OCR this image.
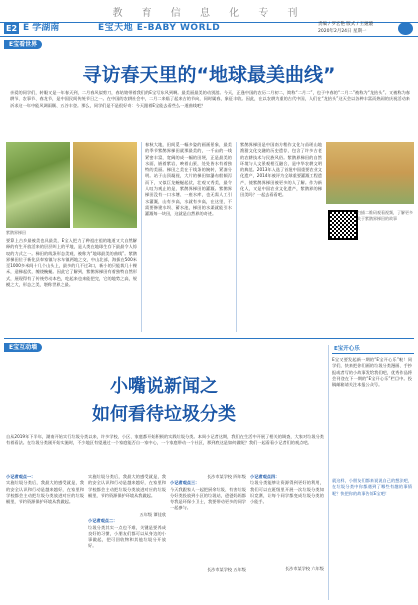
教 育 信 息 化 专 刊
E2 E 学湖南	E宝天地 E-BABY WORLD	责编 / 罗宏艳 版式 / 王娅璇
2020年2月24日 星期一
E宝看世界
寻访春天里的“地球最美曲线”
亲爱的同学们，转眼又是一年春天到，二月春风似剪刀，春姑娘带着我们的E宝写东风到啊。最美丽最美的动别游。今天，正逢中国的农历二月初二，简称“二月二”，也于中春的“二月二”被称为“龙抬头”。又被称为春耕节、农事节、春龙节，是中国民间传统节日之一。在中国的农耕社会中，二月二来临了起来古的节向，同时属春，象征丰收。因此，在以农耕为重的古代中国，人们在“龙抬头”这天会以各种丰富而热闹的庆祝活动来祈求这一年中能风调雨顺、五谷丰登。那么，同学们是不是很好奇：今天跟着E宝能去看些么一道曲线吧？
紫鹊界梯田
要算上古乡最被美也具最美，E宝入把力了种祖庄祖的地道又大自然解释的有生开放活来的层层叫上的平地，是人类在地球生存下最最令人惊叹的力式之一。梯田的线条形态美观，被称为“地球最美的曲线”。紫鹊界梯田位于新化县奉家镇与水车镇两地之交，中山北部，海拔在500米至1000多米间十几个山头上，最多的几不过3口，新小的只能裁几十棵禾，造梯起伏，缠绕蜿蜒。因此它了解到，紫鹊界梯田有着独特自然形式，展现得有了传统劳动本色，吃起来也来能把完，它的地势之高，规模之大，形态之美，堪称世界之最。
春秋大地，田间觅一幅多姿的画画景象，最美的季节紫鹊界梯田就那最美的，一千亩的一线紧密丰富，宽阔的成一幅的田埂，正是最美的水面，嵌着紫岩，映着山景，处处皆水有着独特的美丽。梯田之美在于线条的婉转，紧凑分明。站于山顶凝视，大片的梯田如瀑布般倾泻而下，又似巨龙蜿蜒起伏，壮观又秀美，最令人叹为观止的是，紫鹊界梯田的灌溉。紫鹊界梯田没有一口水塘、一座水库，也无需人工引水灌溉，山有多高，水就有多高，在这里，不需要修建水坝、蓄水池，梯田的水渠就能引水灌溉每一块田，这就是自然界的奇迹。
紫鹊界梯田是中国南方稻作文化与苗瑶山地渔猎文化交融的历史遗存，包含了许多古老的农耕技术与民族风俗。紫鹊界梯田的自然环境与人文景观相互融合，是中华农耕文明的典范。2013年入选了首批中国重要农业文化遗产，2014年被评为全球重要灌溉工程遗产，使紫鹊界梯田被更多的人了解。作为新化人，又是中国农业文化遗产，紫鹊界的梯田美吗？一起去看看吧。
扫描二维码观看视频，了解更多关于紫鹊界梯田的故事
E宝互动墙
小嘴说新闻之
如何看待垃圾分类
自从2019年下半年，湖南开始实行垃圾分类以来，许多学校、小区、家庭都开始积极的实践垃圾分类。本周小记者这期，我们在生活中开展了相关的调查，大家对垃圾分类有着看法。在垃圾分类刚开始实施时，不少地区有望通过一个家庭能否自一家中心，一个家庭带动一个社区，那到底这是如何做呢？我们一起看看小记者们的观点吧。
小记者观点一：
实施垃圾分类后，我最大的感受就是，我的安全认识和行动是越来越好，在家里和学校都会主动把垃圾分类放进对应的垃圾桶里，节约资源保护环境从我做起。
实施垃圾分类后，我最大的感受就是，我的安全认识和行动是越来越好，在家里和学校都会主动把垃圾分类放进对应的垃圾桶里，节约资源保护环境从我做起。
五年级 谭佳欣
小记者观点二：
垃圾分类其实一点也不难，关键是要养成良好的习惯，小朋友们都可以从身边的小事做起，把可回收物和其他垃圾分开放好。
长沙市某学校 四年级
小记者观点三：
今天我跟家人一起把厨余垃圾、有害垃圾分好类投放到小区的垃圾站，爸爸妈妈都夸我是环保小卫士，我要带动更多的同学一起参与。
长沙市某学校 五年级
小记者观点四：
垃圾分类能够让资源得到更好的利用，我们可以在班级里开展一次垃圾分类知识竞赛，让每个同学都变成垃圾分类的小能手。
长沙市某学校 六年级
E宝开心乐
E宝又要发起新一期的“E宝开心乐”啦！同学们，快来把你们画的垃圾分类漫画、手抄报或者写的小故事发给我们吧，优秀作品将会刊登在下一期的“E宝开心乐”栏目中。投稿邮箱请关注本报公众号。
就这样，小朋友们都来说说自己的想法吧，在垃圾分类中你都遇到了哪些有趣的事情呢？快把你的故事告诉E宝吧！
